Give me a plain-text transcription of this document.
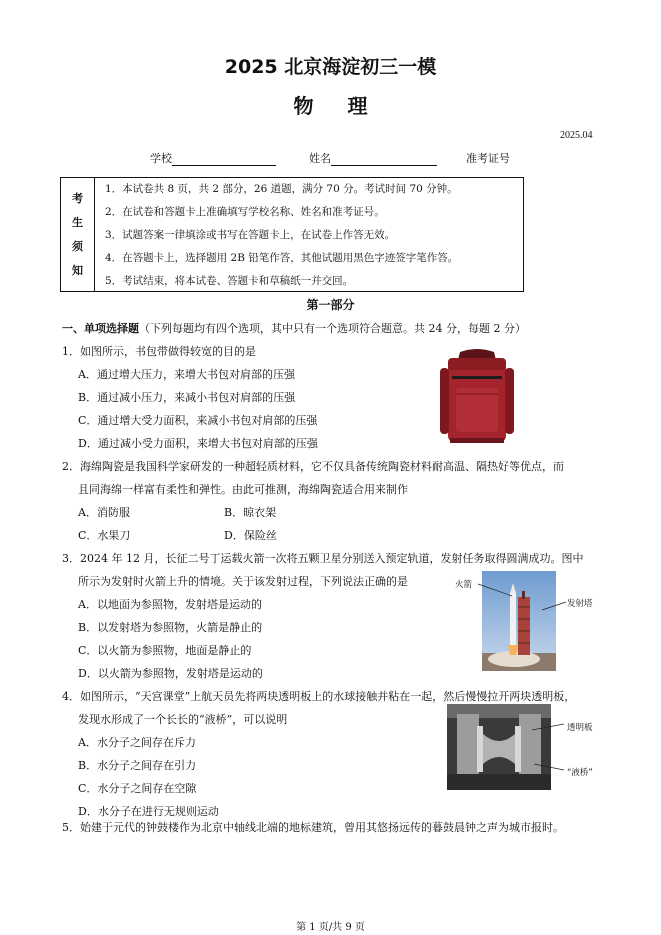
2025 北京海淀初三一模
物理
2025.04
学校	姓名	准考证号
考
生
须
知
1．本试卷共 8 页，共 2 部分，26 道题，满分 70 分。考试时间 70 分钟。
2．在试卷和答题卡上准确填写学校名称、姓名和准考证号。
3．试题答案一律填涂或书写在答题卡上，在试卷上作答无效。
4．在答题卡上，选择题用 2B 铅笔作答，其他试题用黑色字迹签字笔作答。
5．考试结束，将本试卷、答题卡和草稿纸一并交回。
第一部分
一、单项选择题（下列每题均有四个选项，其中只有一个选项符合题意。共 24 分，每题 2 分）
1．如图所示，书包带做得较宽的目的是
A．通过增大压力，来增大书包对肩部的压强
B．通过减小压力，来减小书包对肩部的压强
C．通过增大受力面积，来减小书包对肩部的压强
D．通过减小受力面积，来增大书包对肩部的压强
2．海绵陶瓷是我国科学家研发的一种超轻质材料，它不仅具备传统陶瓷材料耐高温、隔热好等优点，而
且同海绵一样富有柔性和弹性。由此可推测，海绵陶瓷适合用来制作
A．消防服	B．晾衣架
C．水果刀	D．保险丝
3．2024 年 12 月，长征二号丁运载火箭一次将五颗卫星分别送入预定轨道，发射任务取得圆满成功。图中
所示为发射时火箭上升的情境。关于该发射过程，下列说法正确的是
A．以地面为参照物，发射塔是运动的
B．以发射塔为参照物，火箭是静止的
C．以火箭为参照物，地面是静止的
D．以火箭为参照物，发射塔是运动的
火箭
发射塔
4．如图所示，“天宫课堂”上航天员先将两块透明板上的水球接触并粘在一起，然后慢慢拉开两块透明板，
发现水形成了一个长长的“液桥”，可以说明
A．水分子之间存在斥力
B．水分子之间存在引力
C．水分子之间存在空隙
D．水分子在进行无规则运动
透明板
“液桥”
5．始建于元代的钟鼓楼作为北京中轴线北端的地标建筑，曾用其悠扬远传的暮鼓晨钟之声为城市报时。
第 1 页/共 9 页
